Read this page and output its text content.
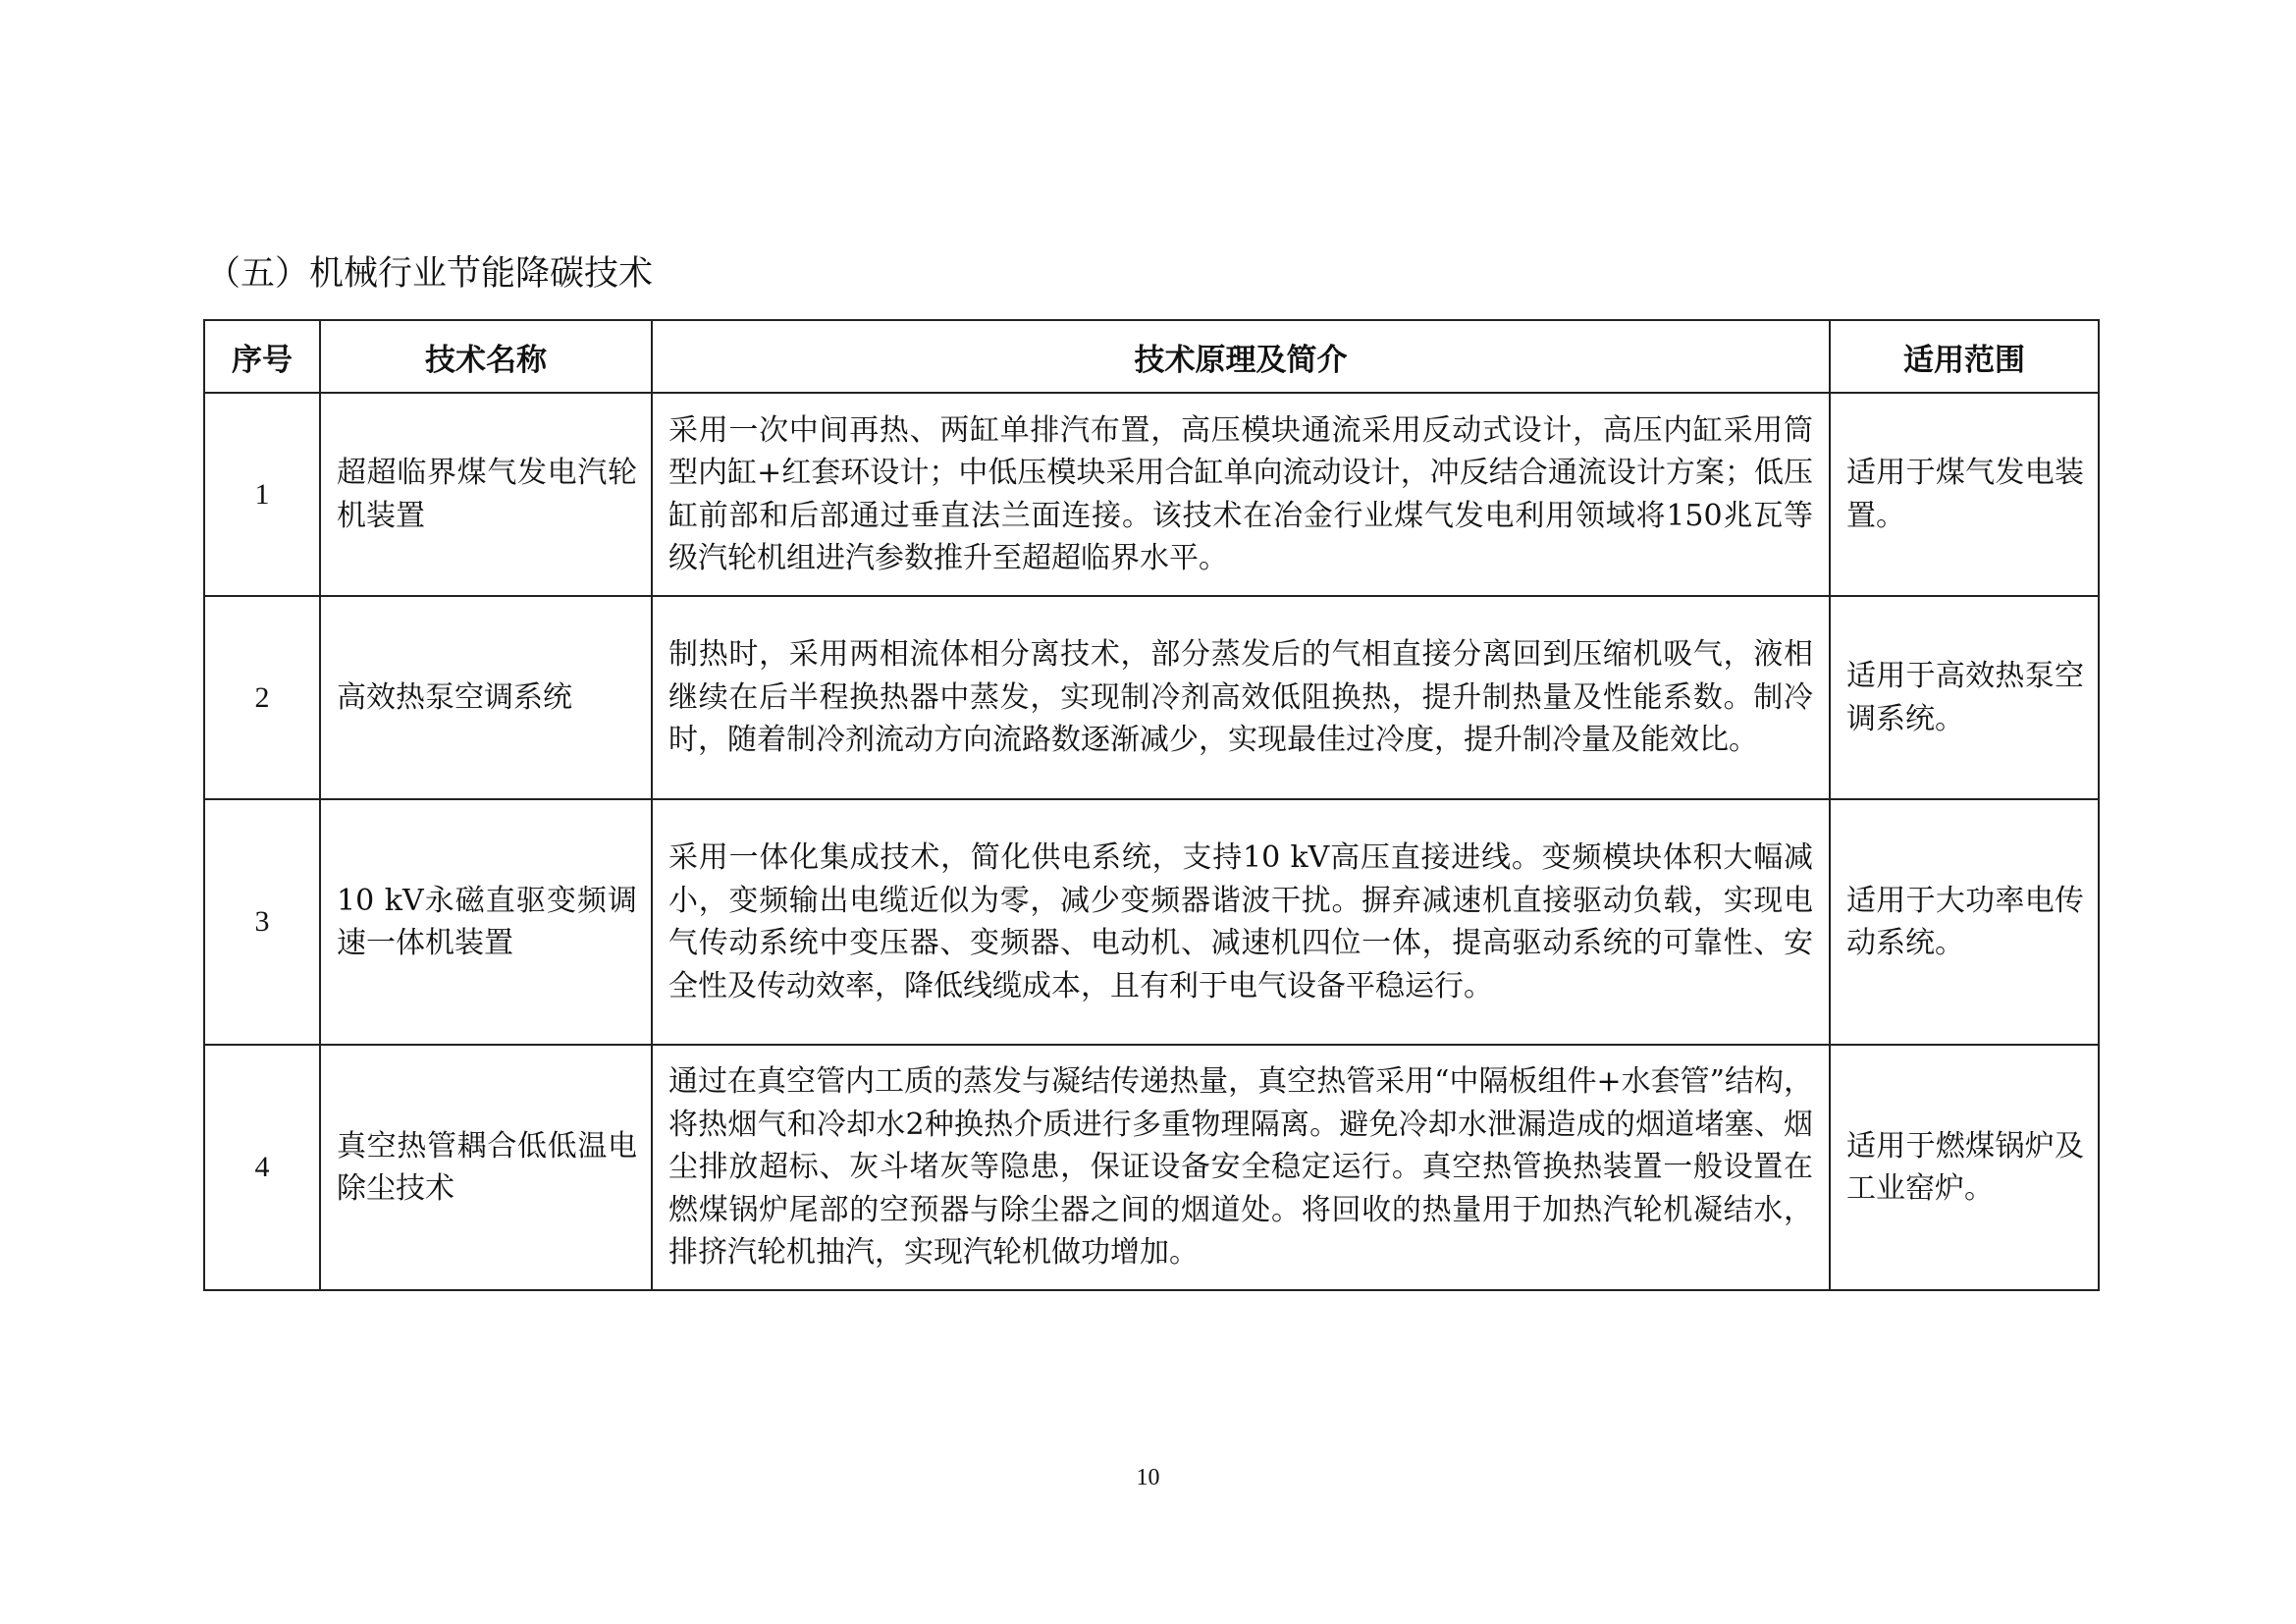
（五）机械行业节能降碳技术
序号	技术名称	技术原理及简介	适用范围
1	超超临界煤气发电汽轮机装置	采用一次中间再热、两缸单排汽布置，高压模块通流采用反动式设计，高压内缸采用筒型内缸+红套环设计；中低压模块采用合缸单向流动设计，冲反结合通流设计方案；低压缸前部和后部通过垂直法兰面连接。该技术在冶金行业煤气发电利用领域将150兆瓦等级汽轮机组进汽参数推升至超超临界水平。	适用于煤气发电装置。
2	高效热泵空调系统	制热时，采用两相流体相分离技术，部分蒸发后的气相直接分离回到压缩机吸气，液相继续在后半程换热器中蒸发，实现制冷剂高效低阻换热，提升制热量及性能系数。制冷时，随着制冷剂流动方向流路数逐渐减少，实现最佳过冷度，提升制冷量及能效比。	适用于高效热泵空调系统。
3	10 kV永磁直驱变频调速一体机装置	采用一体化集成技术，简化供电系统，支持10 kV高压直接进线。变频模块体积大幅减小，变频输出电缆近似为零，减少变频器谐波干扰。摒弃减速机直接驱动负载，实现电气传动系统中变压器、变频器、电动机、减速机四位一体，提高驱动系统的可靠性、安全性及传动效率，降低线缆成本，且有利于电气设备平稳运行。	适用于大功率电传动系统。
4	真空热管耦合低低温电除尘技术	通过在真空管内工质的蒸发与凝结传递热量，真空热管采用“中隔板组件+水套管”结构，将热烟气和冷却水2种换热介质进行多重物理隔离。避免冷却水泄漏造成的烟道堵塞、烟尘排放超标、灰斗堵灰等隐患，保证设备安全稳定运行。真空热管换热装置一般设置在燃煤锅炉尾部的空预器与除尘器之间的烟道处。将回收的热量用于加热汽轮机凝结水，排挤汽轮机抽汽，实现汽轮机做功增加。	适用于燃煤锅炉及工业窑炉。
10
